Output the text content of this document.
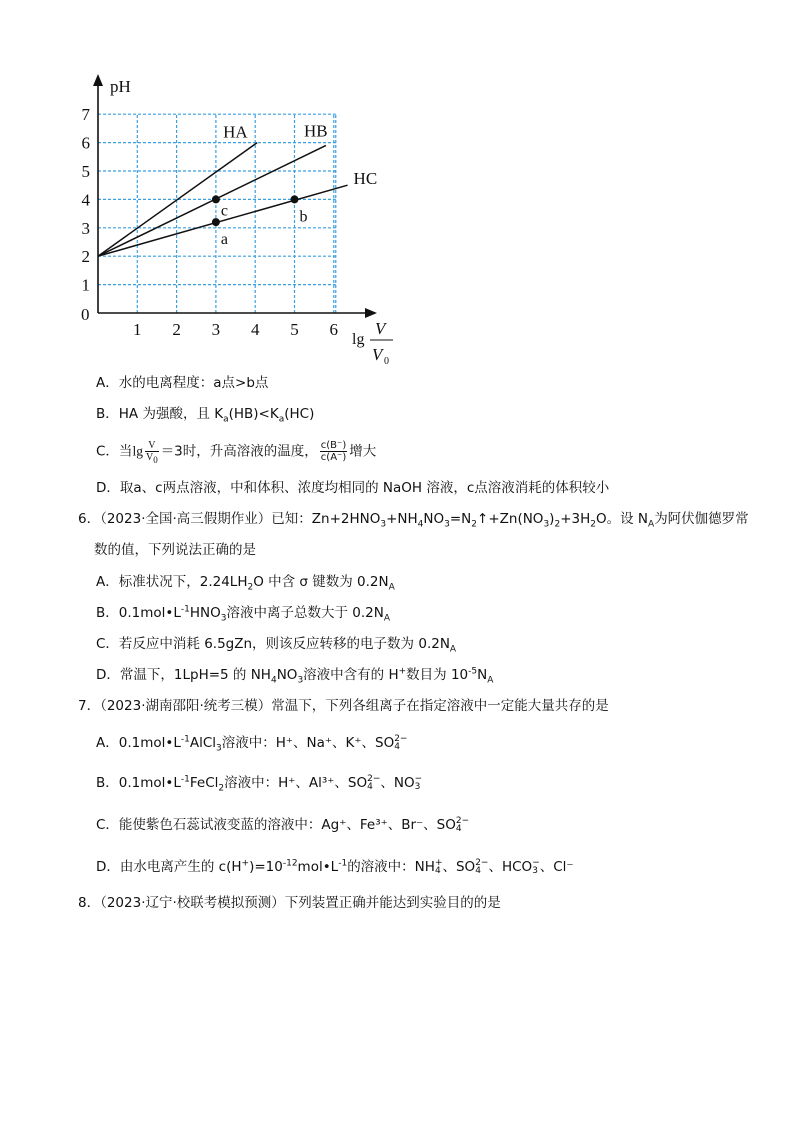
HA	HB
HC
c
a
b
1 2 3 4 5 6
1
2
3
4
5
6
7
pH
0
lg
V
V 0
A．水的电离程度：a点>b点
B．HA 为强酸，且 $K_a(HB)<K_a(HC)$
C．当$\lg \frac{V}{V_0} =3$时，升高溶液的温度， $\frac{c(B^-)}{c(A^-)}$ 增大
D．取a、c两点溶液，中和体积、浓度均相同的 NaOH 溶液，c点溶液消耗的体积较小
6．（2023·全国·高三假期作业）已知：$Zn+2HNO_3+NH_4NO_3=N_2↑+Zn(NO_3)_2+3H_2O$。设 $N_A$为阿伏伽德罗常
数的值，下列说法正确的是
A．标准状况下，$2.24LH_2O$ 中含 σ 键数为 $0.2N_A$
B．$0.1mol•L^{-1}HNO_3$溶液中离子总数大于 $0.2N_A$
C．若反应中消耗 6.5gZn，则该反应转移的电子数为 $0.2N_A$
D．常温下，1LpH=5 的 $NH_4NO_3$溶液中含有的 H+数目为 $10^{-5}N_A$
7．（2023·湖南邵阳·统考三模）常温下，下列各组离子在指定溶液中一定能大量共存的是
A．$0.1mol•L^{-1}AlCl_3$溶液中：H⁺、Na⁺、K⁺、SO 2−
4
B．$0.1mol•L^{-1}FeCl_2$溶液中：H⁺、Al³⁺、SO 2−
4 、NO −
3
C．能使紫色石蕊试液变蓝的溶液中：Ag⁺、Fe³⁺、Br⁻、SO 2−
4
D．由水电离产生的 $c(H^+)=10^{-12}mol•L^{-1}$的溶液中：NH +
4 、SO 2−
4 、HCO −
3 、Cl⁻
8．（2023·辽宁·校联考模拟预测）下列装置正确并能达到实验目的的是
